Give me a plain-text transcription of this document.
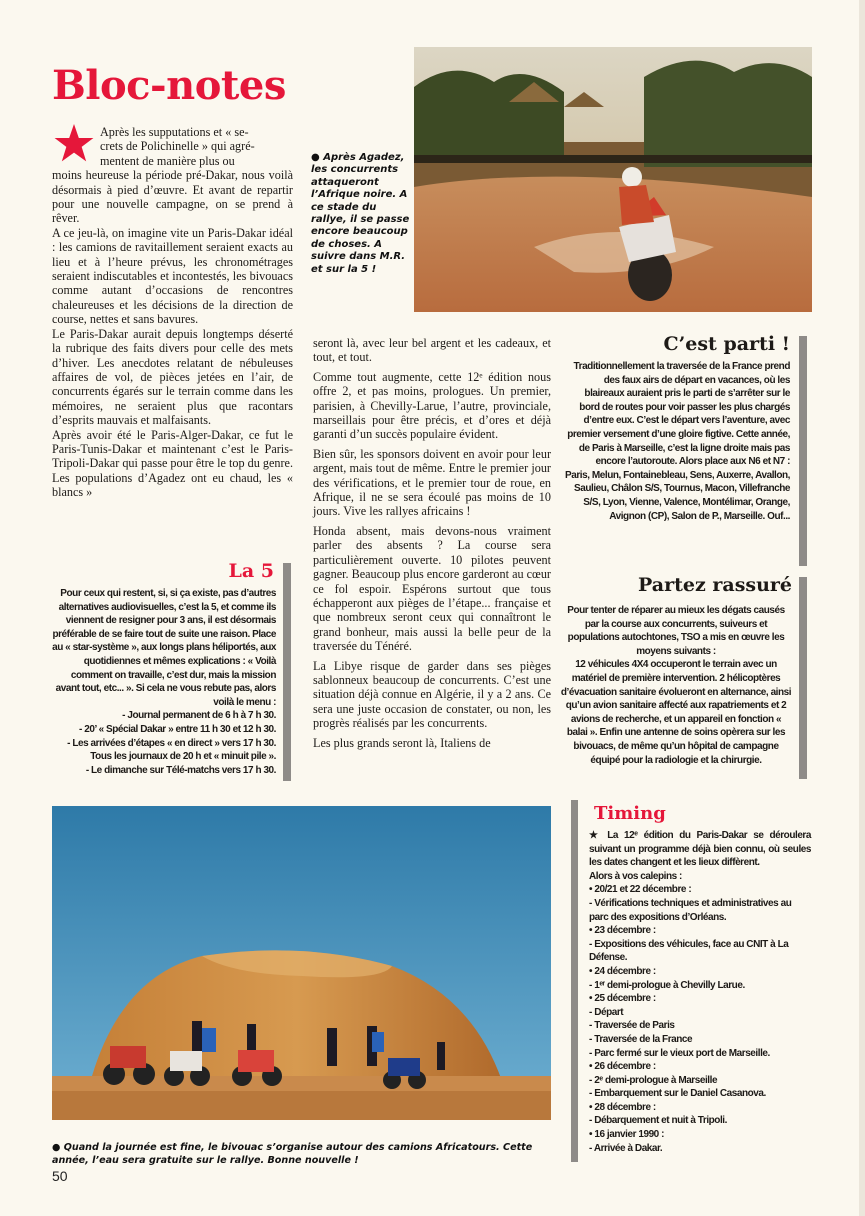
Bloc-notes

Après les supputations et « se-
crets de Polichinelle » qui agré-
mentent de manière plus ou

moins heureuse la période pré-Dakar, nous voilà désormais à pied d’œuvre. Et avant de repartir pour une nouvelle campagne, on se prend à rêver.

A ce jeu-là, on imagine vite un Paris-Dakar idéal : les camions de ravitaillement seraient exacts au lieu et à l’heure prévus, les chronométrages seraient indiscutables et incontestés, les bivouacs comme autant d’occasions de rencontres chaleureuses et les décisions de la direction de course, nettes et sans bavures.

Le Paris-Dakar aurait depuis longtemps déserté la rubrique des faits divers pour celle des mets d’hiver. Les anecdotes relatant de nébuleuses affaires de vol, de pièces jetées en l’air, de concurrents égarés sur le terrain comme dans les mémoires, ne seraient plus que racontars d’esprits mauvais et malfaisants.

Après avoir été le Paris-Alger-Dakar, ce fut le Paris-Tunis-Dakar et maintenant c’est le Paris-Tripoli-Dakar qui passe pour être le top du genre. Les populations d’Agadez ont eu chaud, les « blancs »

● Après Agadez, les concurrents attaqueront l’Afrique noire. A ce stade du rallye, il se passe encore beaucoup de choses. A suivre dans M.R. et sur la 5 !

seront là, avec leur bel argent et les cadeaux, et tout, et tout.

Comme tout augmente, cette 12ᵉ édition nous offre 2, et pas moins, prologues. Un premier, parisien, à Chevilly-Larue, l’autre, provinciale, marseillais pour être précis, et d’ores et déjà garanti d’un succès populaire évident.

Bien sûr, les sponsors doivent en avoir pour leur argent, mais tout de même. Entre le premier jour des vérifications, et le premier tour de roue, en Afrique, il ne se sera écoulé pas moins de 10 jours. Vive les rallyes africains !

Honda absent, mais devons-nous vraiment parler des absents ? La course sera particulièrement ouverte. 10 pilotes peuvent gagner. Beaucoup plus encore garderont au cœur ce fol espoir. Espérons surtout que tous échapperont aux pièges de l’étape... française et que nombreux seront ceux qui connaîtront le grand bonheur, mais aussi la belle peur de la traversée du Ténéré.

La Libye risque de garder dans ses pièges sablonneux beaucoup de concurrents. C’est une situation déjà connue en Algérie, il y a 2 ans. Ce sera une juste occasion de constater, ou non, les progrès réalisés par les concurrents.

Les plus grands seront là, Italiens de

C’est parti !

Traditionnellement la traversée de la France prend des faux airs de départ en vacances, où les blaireaux auraient pris le parti de s’arrêter sur le bord de routes pour voir passer les plus chargés d’entre eux. C’est le départ vers l’aventure, avec premier versement d’une gloire figtive. Cette année, de Paris à Marseille, c’est la ligne droite mais pas encore l’autoroute. Alors place aux N6 et N7 :

Paris, Melun, Fontainebleau, Sens, Auxerre, Avallon, Saulieu, Châlon S/S, Tournus, Macon, Villefranche S/S, Lyon, Vienne, Valence, Montélimar, Orange, Avignon (CP), Salon de P., Marseille. Ouf...

Partez rassuré

Pour tenter de réparer au mieux les dégats causés par la course aux concurrents, suiveurs et populations autochtones, TSO a mis en œuvre les moyens suivants :

12 véhicules 4X4 occuperont le terrain avec un matériel de première intervention. 2 hélicoptères d’évacuation sanitaire évolueront en alternance, ainsi qu’un avion sanitaire affecté aux rapatriements et 2 avions de recherche, et un appareil en fonction « balai ». Enfin une antenne de soins opèrera sur les bivouacs, de même qu’un hôpital de campagne équipé pour la radiologie et la chirurgie.

La 5

Pour ceux qui restent, si, si ça existe, pas d’autres alternatives audiovisuelles, c’est la 5, et comme ils viennent de resigner pour 3 ans, il est désormais préférable de se faire tout de suite une raison. Place au « star-système », aux longs plans héliportés, aux quotidiennes et mêmes explications : « Voilà comment on travaille, c’est dur, mais la mission avant tout, etc... ». Si cela ne vous rebute pas, alors voilà le menu :

- Journal permanent de 6 h à 7 h 30.

- 20’ « Spécial Dakar » entre 11 h 30 et 12 h 30.

- Les arrivées d’étapes « en direct » vers 17 h 30.

Tous les journaux de 20 h et « minuit pile ».

- Le dimanche sur Télé-matchs vers 17 h 30.

● Quand la journée est fine, le bivouac s’organise autour des camions Africatours. Cette année, l’eau sera gratuite sur le rallye. Bonne nouvelle !

Timing

★ La 12ᵉ édition du Paris-Dakar se déroulera suivant un programme déjà bien connu, où seules les dates changent et les lieux diffèrent.

Alors à vos calepins :

• 20/21 et 22 décembre :

- Vérifications techniques et administratives au parc des expositions d’Orléans.

• 23 décembre :

- Expositions des véhicules, face au CNIT à La Défense.

• 24 décembre :

- 1ᵉʳ demi-prologue à Chevilly Larue.

• 25 décembre :

- Départ

- Traversée de Paris

- Traversée de la France

- Parc fermé sur le vieux port de Marseille.

• 26 décembre :

- 2ᵉ demi-prologue à Marseille

- Embarquement sur le Daniel Casanova.

• 28 décembre :

- Débarquement et nuit à Tripoli.

• 16 janvier 1990 :

- Arrivée à Dakar.

50
